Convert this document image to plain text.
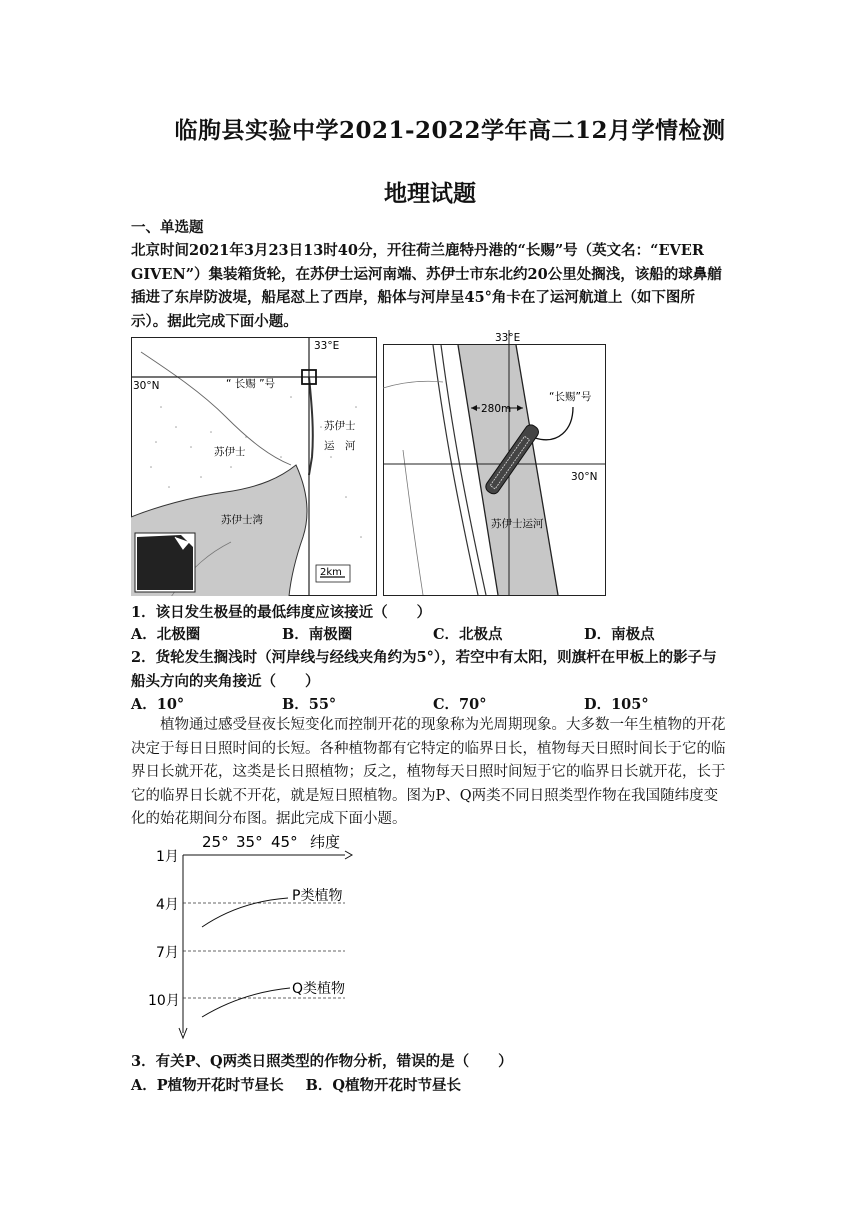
临朐县实验中学2021-2022学年高二12月学情检测
地理试题
一、单选题
北京时间2021年3月23日13时40分，开往荷兰鹿特丹港的“长赐”号（英文名：“EVER GIVEN”）集装箱货轮，在苏伊士运河南端、苏伊士市东北约20公里处搁浅，该船的球鼻艏插进了东岸防波堤，船尾怼上了西岸，船体与河岸呈45°角卡在了运河航道上（如下图所示）。据此完成下面小题。
33°E
30°N	“ 长赐 ”号
苏伊士
苏伊士
运　河
苏伊士湾
2km
33°E
30°N
280m
“长赐”号
苏伊士运河
1．该日发生极昼的最低纬度应该接近（　　）
A．北极圈	B．南极圈	C．北极点	D．南极点
2．货轮发生搁浅时（河岸线与经线夹角约为5°），若空中有太阳，则旗杆在甲板上的影子与船头方向的夹角接近（　　）
A．10°	B．55°	C．70°	D．105°
植物通过感受昼夜长短变化而控制开花的现象称为光周期现象。大多数一年生植物的开花决定于每日日照时间的长短。各种植物都有它特定的临界日长，植物每天日照时间长于它的临界日长就开花，这类是长日照植物；反之，植物每天日照时间短于它的临界日长就开花，长于它的临界日长就不开花，就是短日照植物。图为P、Q两类不同日照类型作物在我国随纬度变化的始花期间分布图。据此完成下面小题。
25° 35° 45° 纬度
1月
4月
7月
10月
P类植物
Q类植物
3．有关P、Q两类日照类型的作物分析，错误的是（　　）
A．P植物开花时节昼长 B．Q植物开花时节昼长
